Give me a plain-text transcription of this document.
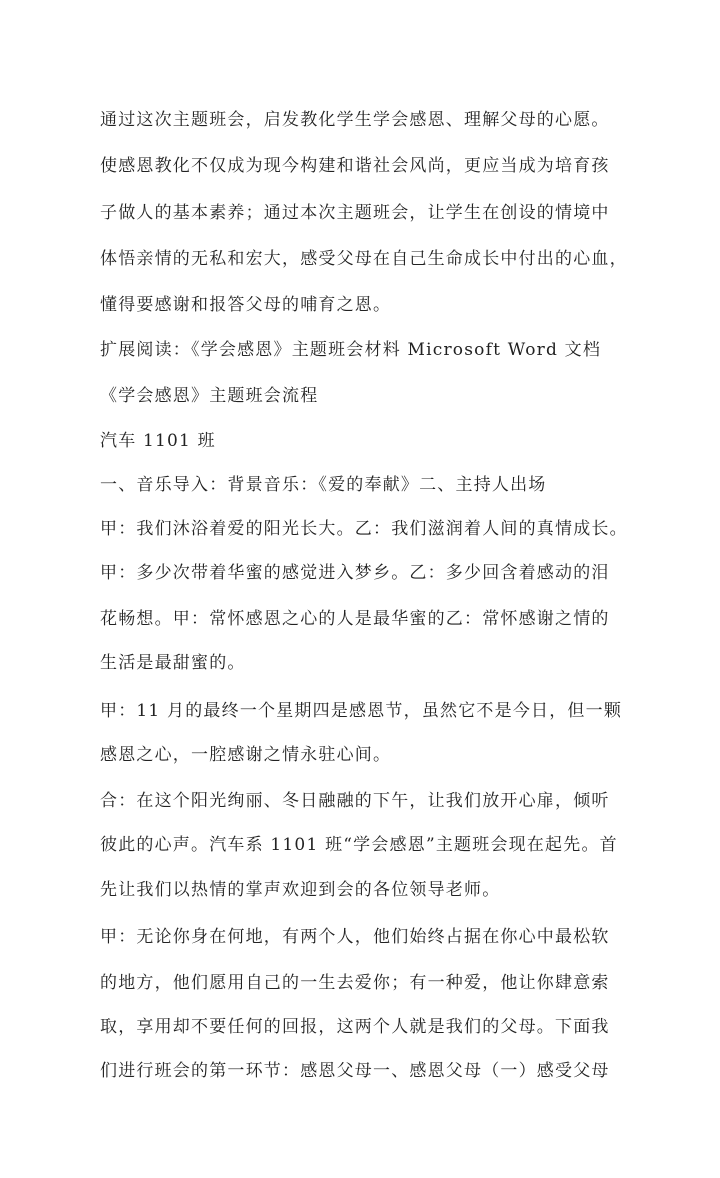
通过这次主题班会，启发教化学生学会感恩、理解父母的心愿。
使感恩教化不仅成为现今构建和谐社会风尚，更应当成为培育孩
子做人的基本素养；通过本次主题班会，让学生在创设的情境中
体悟亲情的无私和宏大，感受父母在自己生命成长中付出的心血，
懂得要感谢和报答父母的哺育之恩。
扩展阅读：《学会感恩》主题班会材料 Microsoft Word 文档
《学会感恩》主题班会流程
汽车 1101 班
一、音乐导入：背景音乐：《爱的奉献》二、主持人出场
甲：我们沐浴着爱的阳光长大。乙：我们滋润着人间的真情成长。
甲：多少次带着华蜜的感觉进入梦乡。乙：多少回含着感动的泪
花畅想。甲：常怀感恩之心的人是最华蜜的乙：常怀感谢之情的
生活是最甜蜜的。
甲：11 月的最终一个星期四是感恩节，虽然它不是今日，但一颗
感恩之心，一腔感谢之情永驻心间。
合：在这个阳光绚丽、冬日融融的下午，让我们放开心扉，倾听
彼此的心声。汽车系 1101 班“学会感恩”主题班会现在起先。首
先让我们以热情的掌声欢迎到会的各位领导老师。
甲：无论你身在何地，有两个人，他们始终占据在你心中最松软
的地方，他们愿用自己的一生去爱你；有一种爱，他让你肆意索
取，享用却不要任何的回报，这两个人就是我们的父母。下面我
们进行班会的第一环节：感恩父母一、感恩父母（一）感受父母
